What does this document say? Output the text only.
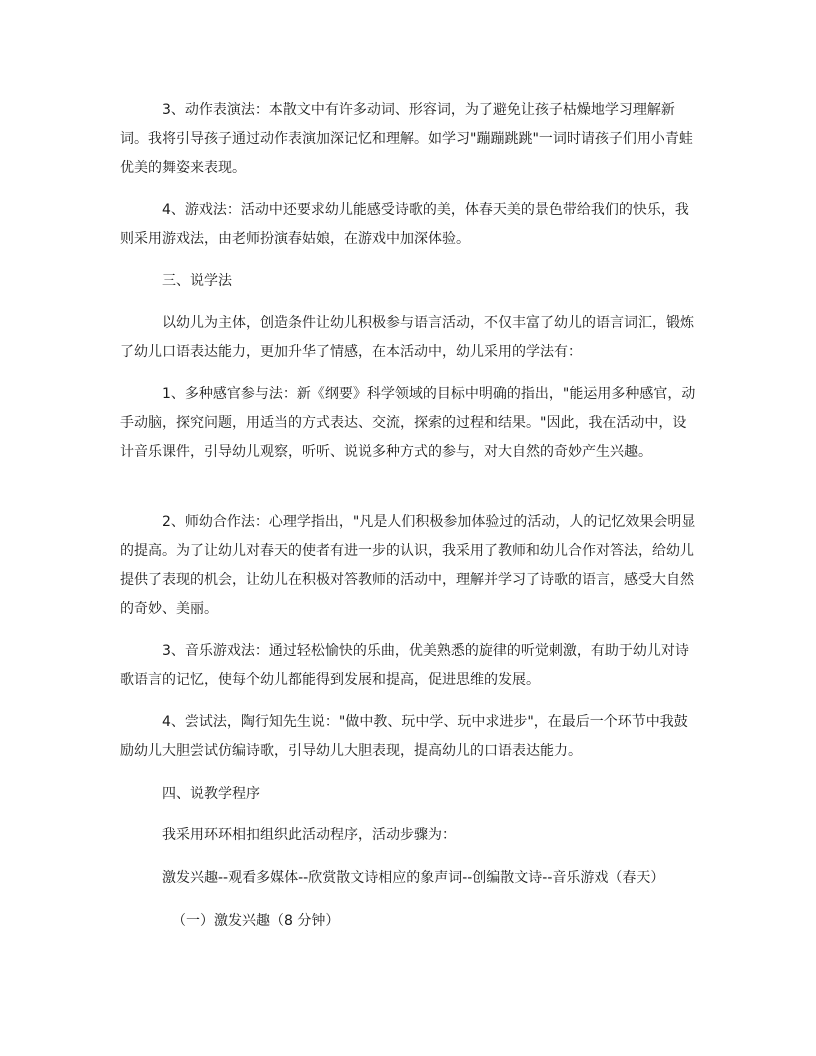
3、动作表演法：本散文中有许多动词、形容词，为了避免让孩子枯燥地学习理解新词。我将引导孩子通过动作表演加深记忆和理解。如学习"蹦蹦跳跳"一词时请孩子们用小青蛙优美的舞姿来表现。

4、游戏法：活动中还要求幼儿能感受诗歌的美，体春天美的景色带给我们的快乐，我则采用游戏法，由老师扮演春姑娘，在游戏中加深体验。

三、说学法

以幼儿为主体，创造条件让幼儿积极参与语言活动，不仅丰富了幼儿的语言词汇，锻炼了幼儿口语表达能力，更加升华了情感，在本活动中，幼儿采用的学法有：

1、多种感官参与法：新《纲要》科学领域的目标中明确的指出，"能运用多种感官，动手动脑，探究问题，用适当的方式表达、交流，探索的过程和结果。"因此，我在活动中，设计音乐课件，引导幼儿观察，听听、说说多种方式的参与，对大自然的奇妙产生兴趣。

2、师幼合作法：心理学指出，"凡是人们积极参加体验过的活动，人的记忆效果会明显的提高。为了让幼儿对春天的使者有进一步的认识，我采用了教师和幼儿合作对答法，给幼儿提供了表现的机会，让幼儿在积极对答教师的活动中，理解并学习了诗歌的语言，感受大自然的奇妙、美丽。

3、音乐游戏法：通过轻松愉快的乐曲，优美熟悉的旋律的听觉刺激，有助于幼儿对诗歌语言的记忆，使每个幼儿都能得到发展和提高，促进思维的发展。

4、尝试法，陶行知先生说："做中教、玩中学、玩中求进步"，在最后一个环节中我鼓励幼儿大胆尝试仿编诗歌，引导幼儿大胆表现，提高幼儿的口语表达能力。

四、说教学程序

我采用环环相扣组织此活动程序，活动步骤为：

激发兴趣--观看多媒体--欣赏散文诗相应的象声词--创编散文诗--音乐游戏（春天）

（一）激发兴趣（8 分钟）
